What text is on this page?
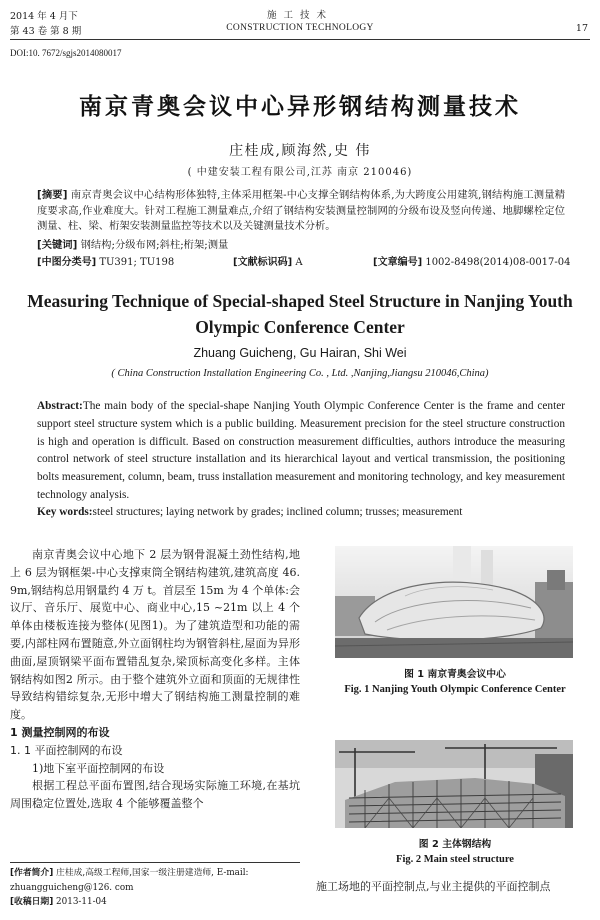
2014 年 4 月下
第 43 卷 第 8 期
施工技术
CONSTRUCTION TECHNOLOGY	17
DOI:10. 7672/sgjs2014080017
南京青奥会议中心异形钢结构测量技术
庄桂成,顾海然,史 伟
( 中建安装工程有限公司,江苏 南京 210046)
[摘要] 南京青奥会议中心结构形体独特,主体采用框架-中心支撑全钢结构体系,为大跨度公用建筑,钢结构施工测量精度要求高,作业难度大。针对工程施工测量难点,介绍了钢结构安装测量控制网的分级布设及竖向传递、地脚螺栓定位测量、柱、梁、桁架安装测量监控等技术以及关键测量技术分析。
[关键词] 钢结构;分级布网;斜柱;桁架;测量
[中图分类号] TU391; TU198	[文献标识码] A	[文章编号] 1002-8498(2014)08-0017-04
Measuring Technique of Special-shaped Steel Structure in Nanjing Youth Olympic Conference Center
Zhuang Guicheng, Gu Hairan, Shi Wei
( China Construction Installation Engineering Co. , Ltd. ,Nanjing,Jiangsu 210046,China)
Abstract:The main body of the special-shape Nanjing Youth Olympic Conference Center is the frame and center support steel structure system which is a public building. Measurement precision for the steel structure construction is high and operation is difficult. Based on construction measurement difficulties, authors introduce the measuring control network of steel structure installation and its hierarchical layout and vertical transmission, the positioning bolts measurement, column, beam, truss installation measurement and monitoring technology, and key measurement technology analysis.
Key words:steel structures; laying network by grades; inclined column; trusses; measurement

南京青奥会议中心地下 2 层为钢骨混凝土劲性结构,地上 6 层为钢框架-中心支撑束筒全钢结构建筑,建筑高度 46. 9m,钢结构总用钢量约 4 万 t。首层至 15m 为 4 个单体:会议厅、音乐厅、展览中心、商业中心,15 ~21m 以上 4 个单体由楼板连接为整体(见图1)。为了建筑造型和功能的需要,内部柱网布置随意,外立面钢柱均为钢管斜柱,屋面为异形曲面,屋顶钢梁平面布置错乱复杂,梁顶标高变化多样。主体钢结构如图2 所示。由于整个建筑外立面和顶面的无规律性导致结构错综复杂,无形中增大了钢结构施工测量控制的难度。

1 测量控制网的布设

1. 1 平面控制网的布设

1)地下室平面控制网的布设

根据工程总平面布置图,结合现场实际施工环境,在基坑周围稳定位置处,选取 4 个能够覆盖整个

[作者简介] 庄桂成,高级工程师,国家一级注册建造师, E-mail: zhuangguicheng@126. com
[收稿日期] 2013-11-04
图 1 南京青奥会议中心
Fig. 1 Nanjing Youth Olympic Conference Center
图 2 主体钢结构
Fig. 2 Main steel structure
施工场地的平面控制点,与业主提供的平面控制点
